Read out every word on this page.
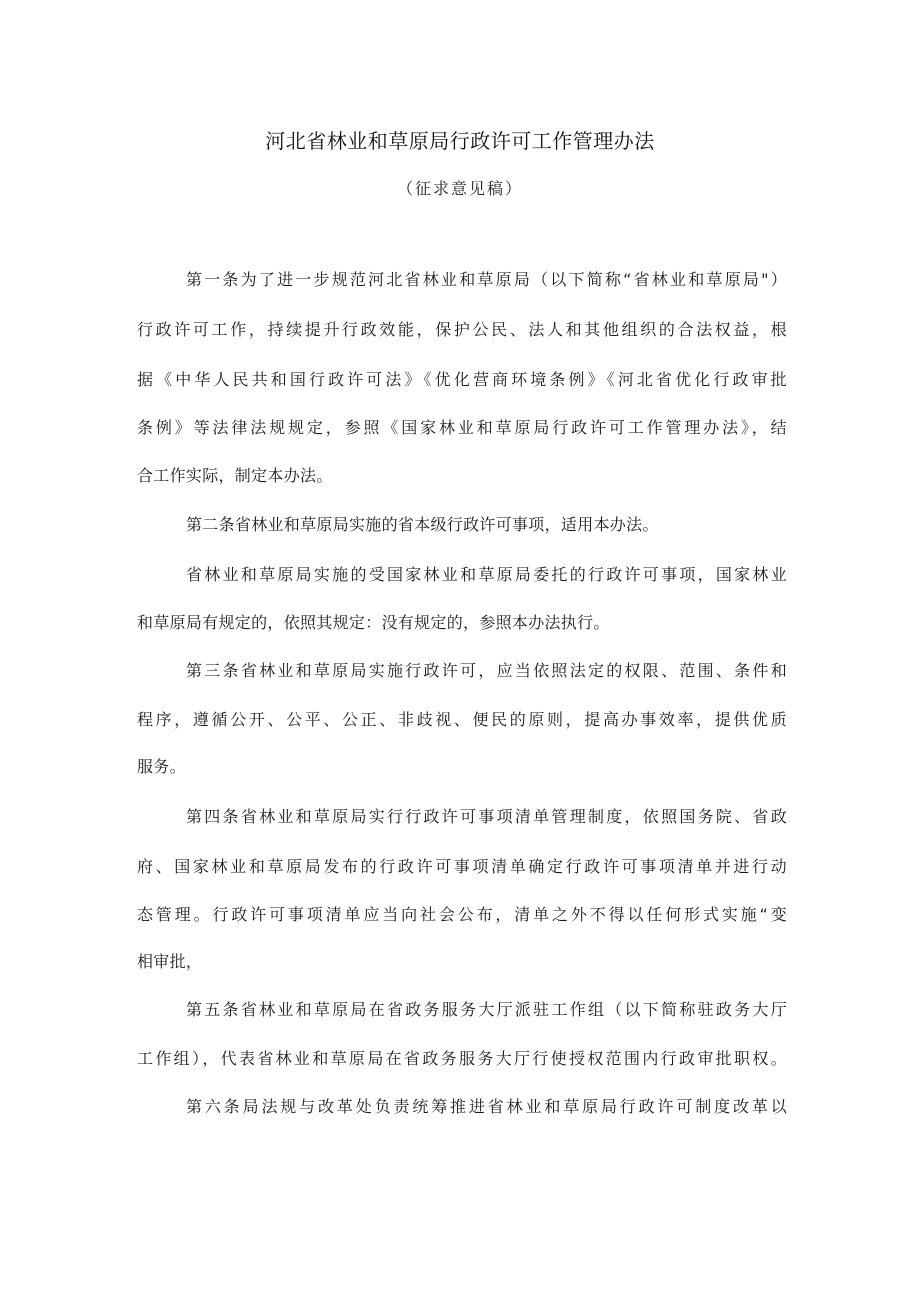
河北省林业和草原局行政许可工作管理办法
（征求意见稿）
第一条为了进一步规范河北省林业和草原局（以下简称“省林业和草原局"）
行政许可工作，持续提升行政效能，保护公民、法人和其他组织的合法权益，根
据《中华人民共和国行政许可法》《优化营商环境条例》《河北省优化行政审批
条例》等法律法规规定，参照《国家林业和草原局行政许可工作管理办法》，结
合工作实际，制定本办法。
第二条省林业和草原局实施的省本级行政许可事项，适用本办法。
省林业和草原局实施的受国家林业和草原局委托的行政许可事项，国家林业
和草原局有规定的，依照其规定：没有规定的，参照本办法执行。
第三条省林业和草原局实施行政许可，应当依照法定的权限、范围、条件和
程序，遵循公开、公平、公正、非歧视、便民的原则，提高办事效率，提供优质
服务。
第四条省林业和草原局实行行政许可事项清单管理制度，依照国务院、省政
府、国家林业和草原局发布的行政许可事项清单确定行政许可事项清单并进行动
态管理。行政许可事项清单应当向社会公布，清单之外不得以任何形式实施“变
相审批，
第五条省林业和草原局在省政务服务大厅派驻工作组（以下简称驻政务大厅
工作组），代表省林业和草原局在省政务服务大厅行使授权范围内行政审批职权。
第六条局法规与改革处负责统筹推进省林业和草原局行政许可制度改革以
